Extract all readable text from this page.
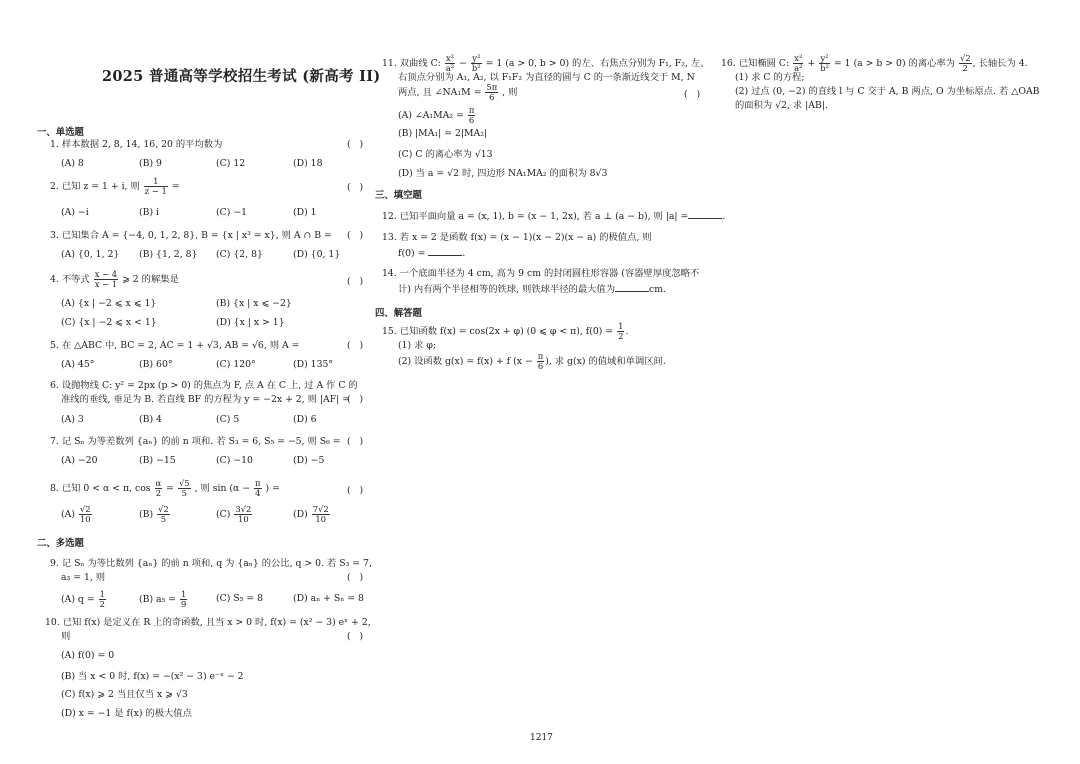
2025 普通高等学校招生考试 (新高考 II)
一、单选题
1. 样本数据 2, 8, 14, 16, 20 的平均数为	(   )
(A) 8	(B) 9	(C) 12	(D) 18
2. 已知 z = 1 + i, 则 $\frac{1}{z - 1}$ =	(   )
(A) −i	(B) i	(C) −1	(D) 1
3. 已知集合 A = {−4, 0, 1, 2, 8}, B = {x | x³ = x}, 则 A ∩ B = (   )
(A) {0, 1, 2} (B) {1, 2, 8} (C) {2, 8}	(D) {0, 1}
4. 不等式 $\frac{x - 4}{x - 1}$ ⩾ 2 的解集是	(   )
(A) {x | −2 ⩽ x ⩽ 1}	(B) {x | x ⩽ −2}
(C) {x | −2 ⩽ x < 1}	(D) {x | x > 1}
5. 在 △ABC 中, BC = 2, AC = 1 + √3, AB = √6, 则 A =	(   )
(A) 45°	(B) 60°	(C) 120°	(D) 135°
6. 设抛物线 C: y² = 2px (p > 0) 的焦点为 F, 点 A 在 C 上, 过 A 作 C 的
准线的垂线, 垂足为 B. 若直线 BF 的方程为 y = −2x + 2, 则 |AF| =
(   )
(A) 3	(B) 4	(C) 5	(D) 6
7. 记 Sₙ 为等差数列 {aₙ} 的前 n 项和. 若 S₃ = 6, S₅ = −5, 则 S₆ = (   )
(A) −20	(B) −15	(C) −10	(D) −5
8. 已知 0 < α < π, $\cos \frac{\alpha}{2} = \frac{√5}{5}$ , 则 $\sin (\alpha - \frac{\pi}{4}$ ) =	(   )
$(A) \frac{√2}{10}$	$(B) \frac{√2}{5}$	$(C) \frac{3√2}{10}$	$(D) \frac{7√2}{10}$
二、多选题
9. 记 Sₙ 为等比数列 {aₙ} 的前 n 项和, q 为 {aₙ} 的公比, q > 0. 若 S₃ = 7,
a₃ = 1, 则	(   )
(A) $q = \frac{1}{2}$	(B) $a_5 = \frac{1}{9}$	(C) S₅ = 8	(D) aₙ + Sₙ = 8
10. 已知 f(x) 是定义在 R 上的奇函数, 且当 x > 0 时, f(x) = (x² − 3) eˣ + 2,
则	(   )
(A) f(0) = 0
(B) 当 x < 0 时, f(x) = −(x² − 3) e⁻ˣ − 2
(C) f(x) ⩾ 2 当且仅当 x ⩾ √3
(D) x = −1 是 f(x) 的极大值点
11. 双曲线 C: $\frac{\text{x²}}{\text{a²}} - \frac{\text{y²}}{\text{b²}} = 1$ (a > 0, b > 0) 的左、右焦点分别为 F₁, F₂, 左、
右顶点分别为 A₁, A₂, 以 F₁F₂ 为直径的圆与 C 的一条渐近线交于 M, N
两点, 且 ∠NA₁M = $\frac{5\pi}{6}$ , 则	(   )
(A) ∠A₁MA₂ = $\frac{\pi}{6}$
(B) |MA₁| = 2|MA₂|
(C) C 的离心率为 √13
(D) 当 a = √2 时, 四边形 NA₁MA₂ 的面积为 8√3
三、填空题
12. 已知平面向量 a = (x, 1), b = (x − 1, 2x), 若 a ⊥ (a − b), 则 |a| =	.
13. 若 x = 2 是函数 f(x) = (x − 1)(x − 2)(x − a) 的极值点, 则
f(0) =	.
14. 一个底面半径为 4 cm, 高为 9 cm 的封闭圆柱形容器 (容器壁厚度忽略不
计) 内有两个半径相等的铁球, 则铁球半径的最大值为	cm.
四、解答题
15. 已知函数 f(x) = cos(2x + φ) (0 ⩽ φ < π), $f(0) = \frac{1}{2}$ .
(1) 求 φ;
(2) 设函数 g(x) = f(x) + f ($x - \frac{\pi}{6}$ ), 求 g(x) 的值域和单调区间.
1217
16. 已知椭圆 C: $\frac{\text{x²}}{\text{a²}} + \frac{\text{y²}}{\text{b²}} = 1$ (a > b > 0) 的离心率为 $\frac{√2}{2}$ , 长轴长为 4.
(1) 求 C 的方程;
(2) 过点 (0, −2) 的直线 l 与 C 交于 A, B 两点, O 为坐标原点. 若 △OAB
的面积为 √2, 求 |AB|.
